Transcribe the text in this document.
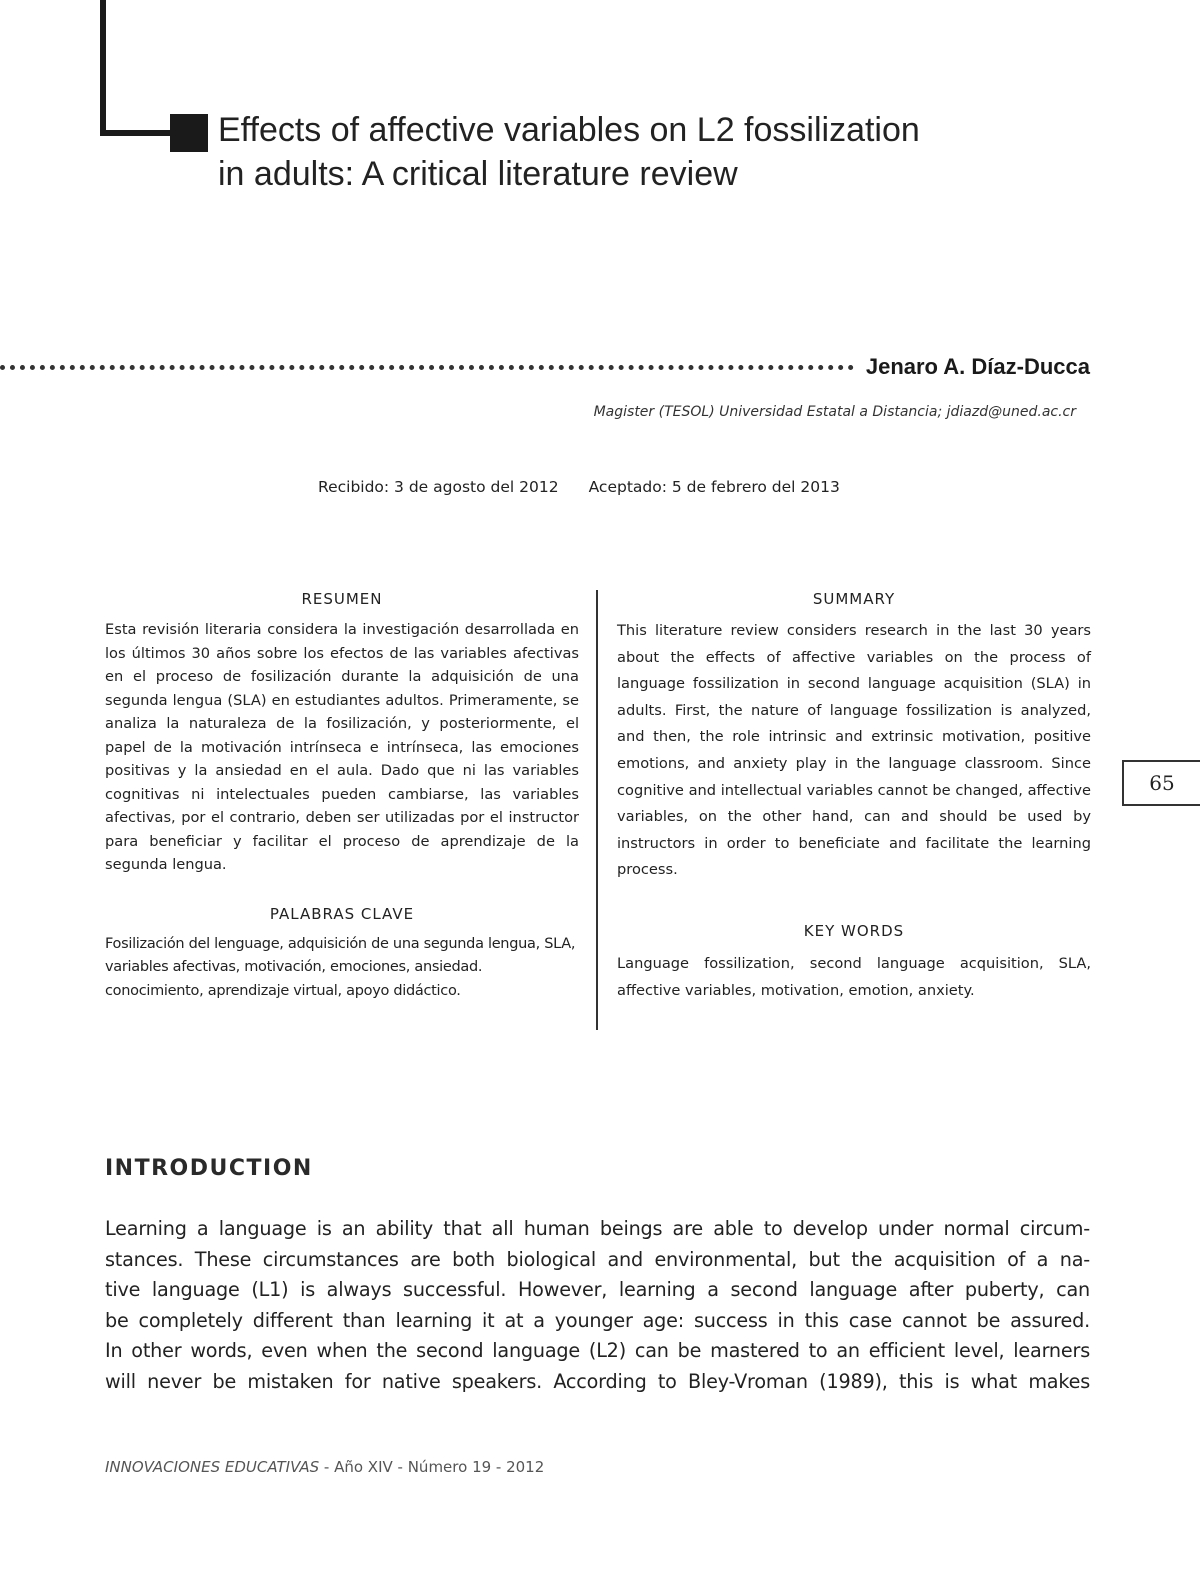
Effects of affective variables on L2 fossilization
in adults: A critical literature review
Jenaro A. Díaz-Ducca
Magister (TESOL) Universidad Estatal a Distancia; jdiazd@uned.ac.cr
Recibido: 3 de agosto del 2012 Aceptado: 5 de febrero del 2013
RESUMEN

Esta revisión literaria considera la investigación desarrollada en los últimos 30 años sobre los efectos de las variables afectivas en el proceso de fosilización durante la adquisición de una segunda lengua (SLA) en estudiantes adultos. Primeramente, se analiza la naturaleza de la fosilización, y posteriormente, el papel de la motivación intrínseca e intrínseca, las emociones positivas y la ansiedad en el aula. Dado que ni las variables cognitivas ni intelectuales pueden cambiarse, las variables afectivas, por el contrario, deben ser utilizadas por el instructor para beneficiar y facilitar el proceso de aprendizaje de la segunda lengua.

PALABRAS CLAVE

Fosilización del lenguage, adquisición de una segunda lengua, SLA, variables afectivas, motivación, emociones, ansiedad. conocimiento, aprendizaje virtual, apoyo didáctico.

SUMMARY

This literature review considers research in the last 30 years about the effects of affective variables on the process of language fossilization in second language acquisition (SLA) in adults. First, the nature of language fossilization is analyzed, and then, the role intrinsic and extrinsic motivation, positive emotions, and anxiety play in the language classroom. Since cognitive and intellectual variables cannot be changed, affective variables, on the other hand, can and should be used by instructors in order to beneficiate and facilitate the learning process.

KEY WORDS

Language fossilization, second language acquisition, SLA, affective variables, motivation, emotion, anxiety.

65
INTRODUCTION

Learning a language is an ability that all human beings are able to develop under normal circum-
stances. These circumstances are both biological and environmental, but the acquisition of a na-
tive language (L1) is always successful. However, learning a second language after puberty, can
be completely different than learning it at a younger age: success in this case cannot be assured.
In other words, even when the second language (L2) can be mastered to an efficient level, learners
will never be mistaken for native speakers. According to Bley-Vroman (1989), this is what makes

INNOVACIONES EDUCATIVAS - Año XIV - Número 19 - 2012
